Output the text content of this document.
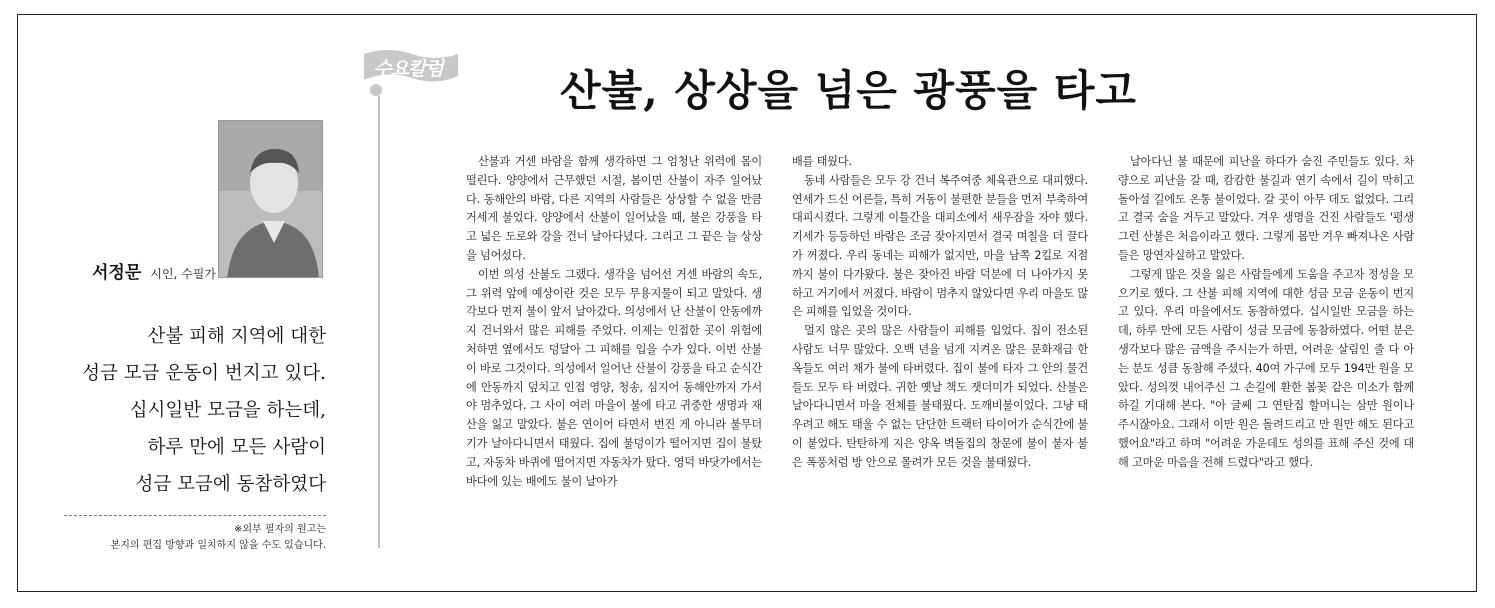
수요칼럼	산불, 상상을 넘은 광풍을 타고
서정문 시인, 수필가
산불 피해 지역에 대한
성금 모금 운동이 번지고 있다.
십시일반 모금을 하는데,
하루 만에 모든 사람이
성금 모금에 동참하였다
※외부 필자의 원고는
본지의 편집 방향과 일치하지 않을 수도 있습니다.

산불과 거센 바람을 함께 생각하면 그 엄청난 위력에 몸이 떨린다. 양양에서 근무했던 시절, 봄이면 산불이 자주 일어났다. 동해안의 바람, 다른 지역의 사람들은 상상할 수 없을 만큼 거세게 불었다. 양양에서 산불이 일어났을 때, 불은 강풍을 타고 넓은 도로와 강을 건너 날아다녔다. 그리고 그 끝은 늘 상상을 넘어섰다.

이번 의성 산불도 그랬다. 생각을 넘어선 거센 바람의 속도, 그 위력 앞에 예상이란 것은 모두 무용지물이 되고 말았다. 생각보다 먼저 불이 앞서 날아갔다. 의성에서 난 산불이 안동에까지 건너와서 많은 피해를 주었다. 이제는 인접한 곳이 위험에 처하면 옆에서도 덩달아 그 피해를 입을 수가 있다. 이번 산불이 바로 그것이다. 의성에서 일어난 산불이 강풍을 타고 순식간에 안동까지 덮치고 인접 영양, 청송, 심지어 동해안까지 가서야 멈추었다. 그 사이 여러 마을이 불에 타고 귀중한 생명과 재산을 잃고 말았다. 불은 연이어 타면서 번진 게 아니라 불무더기가 날아다니면서 태웠다. 집에 불덩이가 떨어지면 집이 불탔고, 자동차 바퀴에 떨어지면 자동차가 탔다. 영덕 바닷가에서는 바다에 있는 배에도 불이 날아가

배를 태웠다.

동네 사람들은 모두 강 건너 복주여중 체육관으로 대피했다. 연세가 드신 어른들, 특히 거동이 불편한 분들을 먼저 부축하여 대피시켰다. 그렇게 이틀간을 대피소에서 새우잠을 자야 했다. 기세가 등등하던 바람은 조금 잦아지면서 결국 며칠을 더 끌다가 꺼졌다. 우리 동네는 피해가 없지만, 마을 남쪽 2킬로 지점까지 불이 다가왔다. 불은 잦아진 바람 덕분에 더 나아가지 못하고 거기에서 꺼졌다. 바람이 멈추지 않았다면 우리 마을도 많은 피해를 입었을 것이다.

멀지 않은 곳의 많은 사람들이 피해를 입었다. 집이 전소된 사람도 너무 많았다. 오백 년을 넘게 지켜온 많은 문화재급 한옥들도 여러 채가 불에 타버렸다. 집이 불에 타자 그 안의 물건들도 모두 타 버렸다. 귀한 옛날 책도 잿더미가 되었다. 산불은 날아다니면서 마을 전체를 불태웠다. 도깨비불이었다. 그냥 태우려고 해도 태울 수 없는 단단한 트랙터 타이어가 순식간에 불이 붙었다. 탄탄하게 지은 양옥 벽돌집의 창문에 불이 붙자 불은 폭풍처럼 방 안으로 몰려가 모든 것을 불태웠다.

날아다닌 불 때문에 피난을 하다가 숨진 주민들도 있다. 차량으로 피난을 갈 때, 캄캄한 불길과 연기 속에서 길이 막히고 돌아설 길에도 온통 불이었다. 갈 곳이 아무 데도 없었다. 그리고 결국 숨을 거두고 말았다. 겨우 생명을 건진 사람들도 '평생 그런 산불은 처음이라고 했다. 그렇게 몸만 겨우 빠져나온 사람들은 망연자실하고 말았다.

그렇게 많은 것을 잃은 사람들에게 도움을 주고자 정성을 모으기로 했다. 그 산불 피해 지역에 대한 성금 모금 운동이 번지고 있다. 우리 마을에서도 동참하였다. 십시일반 모금을 하는데, 하루 만에 모든 사람이 성금 모금에 동참하였다. 어떤 분은 생각보다 많은 금액을 주시는가 하면, 어려운 살림인 줄 다 아는 분도 성큼 동참해 주셨다. 40여 가구에 모두 194만 원을 모았다. 성의껏 내어주신 그 손길에 환한 봄꽃 같은 미소가 함께 하길 기대해 본다. "아 글쎄 그 연탄집 할머니는 삼만 원이나 주시잖아요. 그래서 이만 원은 돌려드리고 만 원만 해도 된다고 했어요"라고 하며 "어려운 가운데도 성의를 표해 주신 것에 대해 고마운 마음을 전해 드렸다"라고 했다.
